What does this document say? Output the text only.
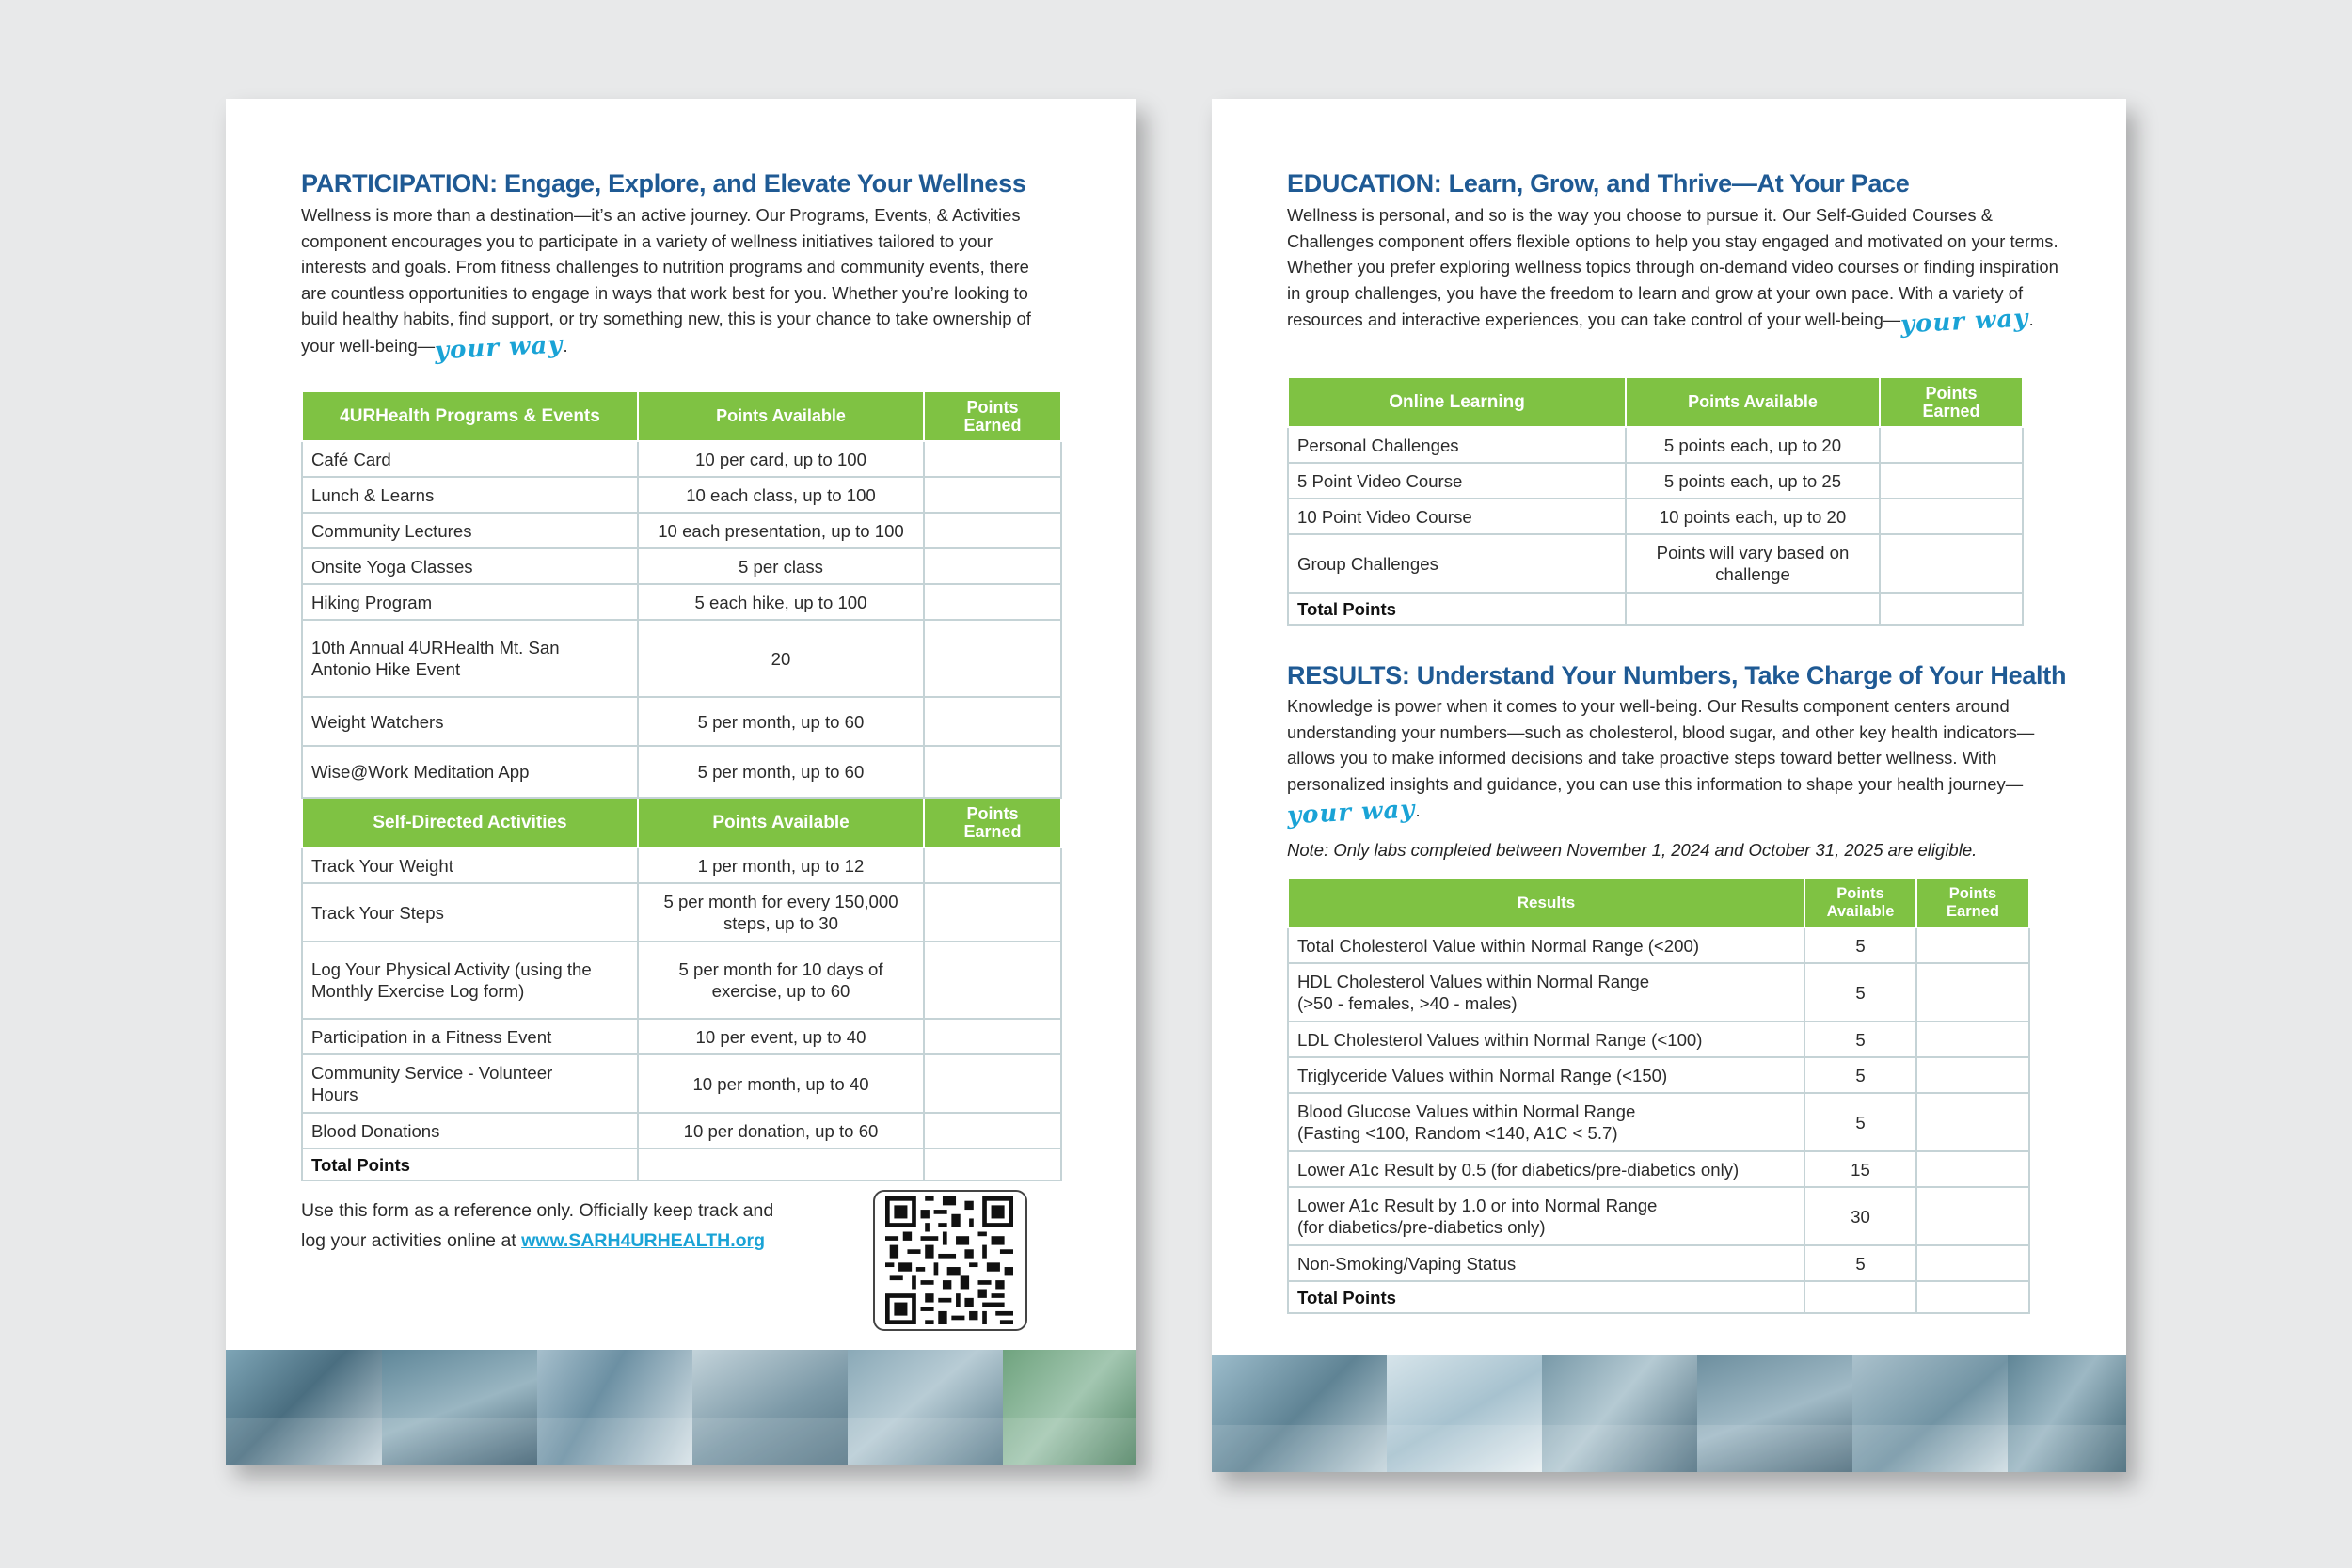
PARTICIPATION: Engage, Explore, and Elevate Your Wellness

Wellness is more than a destination—it’s an active journey. Our Programs, Events, & Activities component encourages you to participate in a variety of wellness initiatives tailored to your interests and goals. From fitness challenges to nutrition programs and community events, there are countless opportunities to engage in ways that work best for you. Whether you’re looking to build healthy habits, find support, or try something new, this is your chance to take ownership of your well-being—your way.

4URHealth Programs & Events	Points Available	Points Earned
Café Card	10 per card, up to 100	
Lunch & Learns	10 each class, up to 100	
Community Lectures	10 each presentation, up to 100	
Onsite Yoga Classes	5 per class	
Hiking Program	5 each hike, up to 100	
10th Annual 4URHealth Mt. San Antonio Hike Event	20	
Weight Watchers	5 per month, up to 60	
Wise@Work Meditation App	5 per month, up to 60	
Self-Directed Activities	Points Available	Points Earned
Track Your Weight	1 per month, up to 12	
Track Your Steps	5 per month for every 150,000 steps, up to 30	
Log Your Physical Activity (using the Monthly Exercise Log form)	5 per month for 10 days of exercise, up to 60	
Participation in a Fitness Event	10 per event, up to 40	
Community Service - Volunteer Hours	10 per month, up to 40	
Blood Donations	10 per donation, up to 60	
Total Points		

Use this form as a reference only. Officially keep track and
log your activities online at www.SARH4URHEALTH.org

EDUCATION: Learn, Grow, and Thrive—At Your Pace

Wellness is personal, and so is the way you choose to pursue it. Our Self-Guided Courses & Challenges component offers flexible options to help you stay engaged and motivated on your terms. Whether you prefer exploring wellness topics through on-demand video courses or finding inspiration in group challenges, you have the freedom to learn and grow at your own pace. With a variety of resources and interactive experiences, you can take control of your well-being—your way.

Online Learning	Points Available	Points Earned
Personal Challenges	5 points each, up to 20	
5 Point Video Course	5 points each, up to 25	
10 Point Video Course	10 points each, up to 20	
Group Challenges	Points will vary based on challenge	
Total Points		
RESULTS: Understand Your Numbers, Take Charge of Your Health

Knowledge is power when it comes to your well-being. Our Results component centers around understanding your numbers—such as cholesterol, blood sugar, and other key health indicators—allows you to make informed decisions and take proactive steps toward better wellness. With personalized insights and guidance, you can use this information to shape your health journey—your way.

Note: Only labs completed between November 1, 2024 and October 31, 2025 are eligible.

Results	Points Available	Points Earned
Total Cholesterol Value within Normal Range (<200)	5	
HDL Cholesterol Values within Normal Range
(>50 - females, >40 - males)	5	
LDL Cholesterol Values within Normal Range (<100)	5	
Triglyceride Values within Normal Range (<150)	5	
Blood Glucose Values within Normal Range
(Fasting <100, Random <140, A1C < 5.7)	5	
Lower A1c Result by 0.5 (for diabetics/pre-diabetics only)	15	
Lower A1c Result by 1.0 or into Normal Range
(for diabetics/pre-diabetics only)	30	
Non-Smoking/Vaping Status	5	
Total Points		
